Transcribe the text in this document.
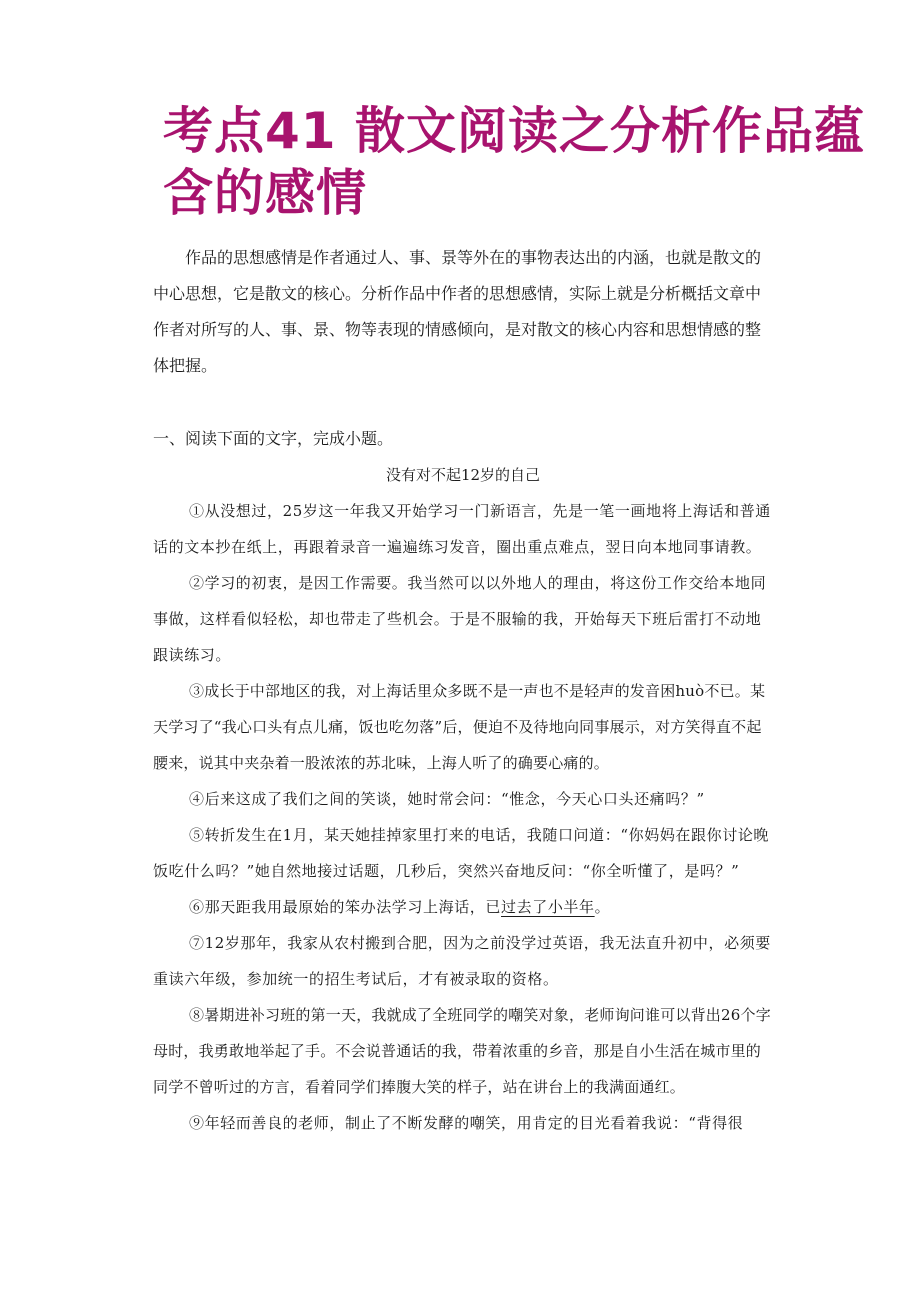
考点41 散文阅读之分析作品蕴
含的感情

作品的思想感情是作者通过人、事、景等外在的事物表达出的内涵，也就是散文的中心思想，它是散文的核心。分析作品中作者的思想感情，实际上就是分析概括文章中作者对所写的人、事、景、物等表现的情感倾向，是对散文的核心内容和思想情感的整体把握。

一、阅读下面的文字，完成小题。
没有对不起12岁的自己

①从没想过，25岁这一年我又开始学习一门新语言，先是一笔一画地将上海话和普通话的文本抄在纸上，再跟着录音一遍遍练习发音，圈出重点难点，翌日向本地同事请教。

②学习的初衷，是因工作需要。我当然可以以外地人的理由，将这份工作交给本地同事做，这样看似轻松，却也带走了些机会。于是不服输的我，开始每天下班后雷打不动地跟读练习。

③成长于中部地区的我，对上海话里众多既不是一声也不是轻声的发音困huò不已。某天学习了“我心口头有点儿痛，饭也吃勿落”后，便迫不及待地向同事展示，对方笑得直不起腰来，说其中夹杂着一股浓浓的苏北味，上海人听了的确要心痛的。

④后来这成了我们之间的笑谈，她时常会问：“惟念，今天心口头还痛吗？”

⑤转折发生在1月，某天她挂掉家里打来的电话，我随口问道：“你妈妈在跟你讨论晚饭吃什么吗？”她自然地接过话题，几秒后，突然兴奋地反问：“你全听懂了，是吗？”

⑥那天距我用最原始的笨办法学习上海话，已过去了小半年。

⑦12岁那年，我家从农村搬到合肥，因为之前没学过英语，我无法直升初中，必须要重读六年级，参加统一的招生考试后，才有被录取的资格。

⑧暑期进补习班的第一天，我就成了全班同学的嘲笑对象，老师询问谁可以背出26个字母时，我勇敢地举起了手。不会说普通话的我，带着浓重的乡音，那是自小生活在城市里的同学不曾听过的方言，看着同学们捧腹大笑的样子，站在讲台上的我满面通红。

⑨年轻而善良的老师，制止了不断发酵的嘲笑，用肯定的目光看着我说：“背得很
